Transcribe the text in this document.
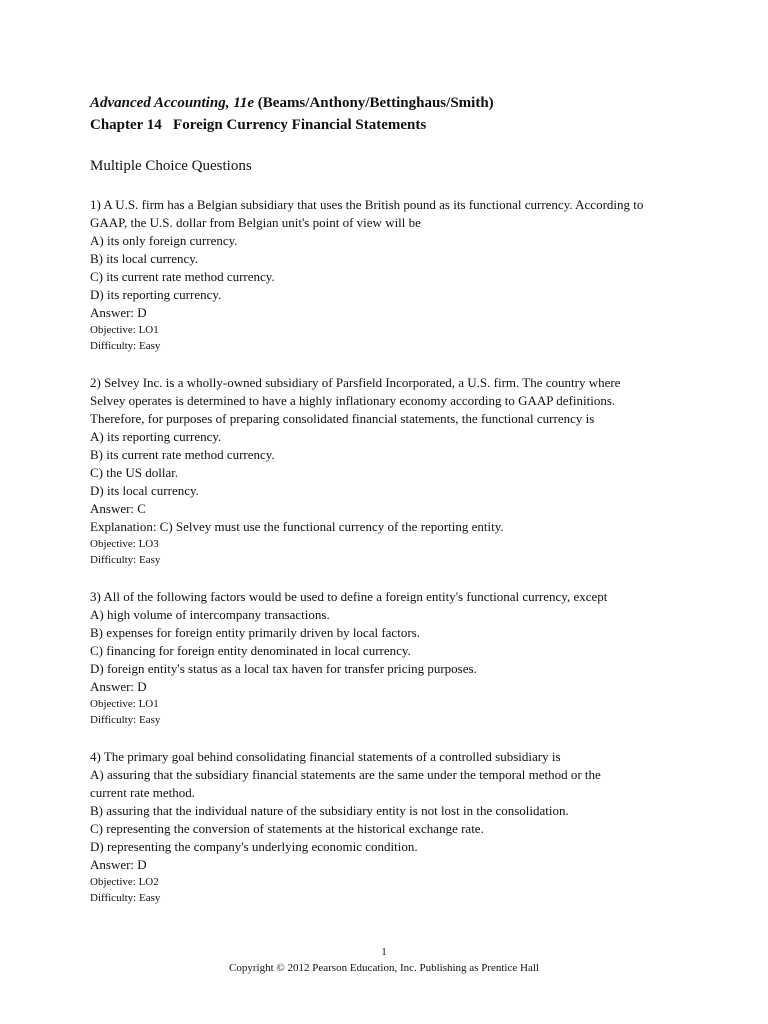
Advanced Accounting, 11e (Beams/Anthony/Bettinghaus/Smith)
Chapter 14   Foreign Currency Financial Statements
Multiple Choice Questions
1) A U.S. firm has a Belgian subsidiary that uses the British pound as its functional currency. According to
GAAP, the U.S. dollar from Belgian unit's point of view will be
A) its only foreign currency.
B) its local currency.
C) its current rate method currency.
D) its reporting currency.
Answer: D
Objective: LO1
Difficulty: Easy
2) Selvey Inc. is a wholly-owned subsidiary of Parsfield Incorporated, a U.S. firm. The country where
Selvey operates is determined to have a highly inflationary economy according to GAAP definitions.
Therefore, for purposes of preparing consolidated financial statements, the functional currency is
A) its reporting currency.
B) its current rate method currency.
C) the US dollar.
D) its local currency.
Answer: C
Explanation: C) Selvey must use the functional currency of the reporting entity.
Objective: LO3
Difficulty: Easy
3) All of the following factors would be used to define a foreign entity's functional currency, except
A) high volume of intercompany transactions.
B) expenses for foreign entity primarily driven by local factors.
C) financing for foreign entity denominated in local currency.
D) foreign entity's status as a local tax haven for transfer pricing purposes.
Answer: D
Objective: LO1
Difficulty: Easy
4) The primary goal behind consolidating financial statements of a controlled subsidiary is
A) assuring that the subsidiary financial statements are the same under the temporal method or the
current rate method.
B) assuring that the individual nature of the subsidiary entity is not lost in the consolidation.
C) representing the conversion of statements at the historical exchange rate.
D) representing the company's underlying economic condition.
Answer: D
Objective: LO2
Difficulty: Easy
1
Copyright © 2012 Pearson Education, Inc. Publishing as Prentice Hall
